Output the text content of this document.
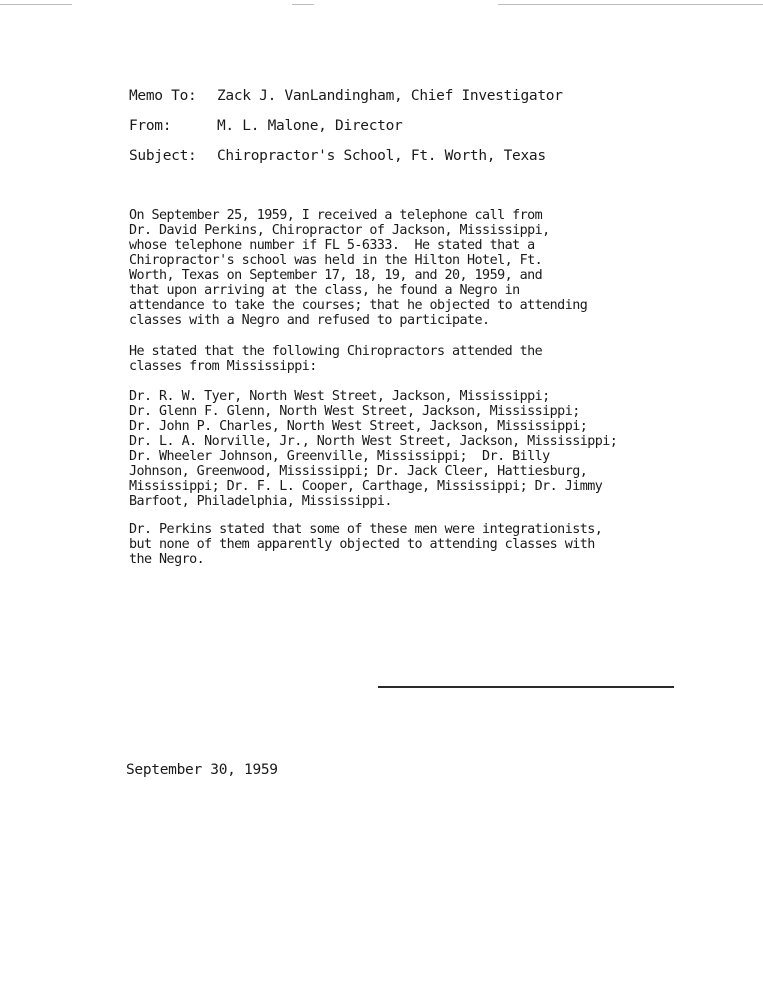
Memo To: Zack J. VanLandingham, Chief Investigator
From:	M. L. Malone, Director
Subject: Chiropractor's School, Ft. Worth, Texas
On September 25, 1959, I received a telephone call from
Dr. David Perkins, Chiropractor of Jackson, Mississippi,
whose telephone number if FL 5-6333.  He stated that a
Chiropractor's school was held in the Hilton Hotel, Ft.
Worth, Texas on September 17, 18, 19, and 20, 1959, and
that upon arriving at the class, he found a Negro in
attendance to take the courses; that he objected to attending
classes with a Negro and refused to participate.
He stated that the following Chiropractors attended the
classes from Mississippi:
Dr. R. W. Tyer, North West Street, Jackson, Mississippi;
Dr. Glenn F. Glenn, North West Street, Jackson, Mississippi;
Dr. John P. Charles, North West Street, Jackson, Mississippi;
Dr. L. A. Norville, Jr., North West Street, Jackson, Mississippi;
Dr. Wheeler Johnson, Greenville, Mississippi;  Dr. Billy
Johnson, Greenwood, Mississippi; Dr. Jack Cleer, Hattiesburg,
Mississippi; Dr. F. L. Cooper, Carthage, Mississippi; Dr. Jimmy
Barfoot, Philadelphia, Mississippi.
Dr. Perkins stated that some of these men were integrationists,
but none of them apparently objected to attending classes with
the Negro.
September 30, 1959
